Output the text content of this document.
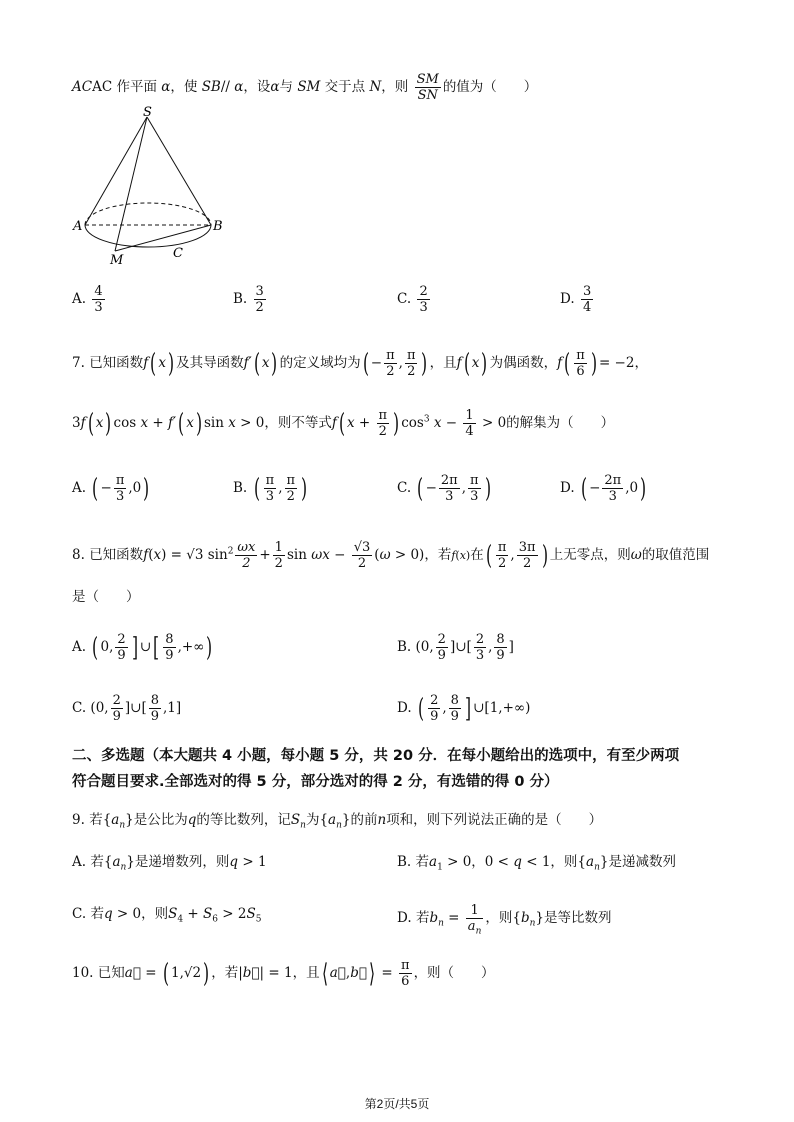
ACAC 作平面 α，使 SB// α，设α与 SM 交于点 N，则 $\frac{SM}{SN}$ 的值为（　　）
S
A	B
M	C
A. $\frac{4}{3}$	B. $\frac{3}{2}$	C. $\frac{2}{3}$	D. $\frac{3}{4}$
7. 已知函数f( x) 及其导函数f′( x) 的定义域均为( − $\frac{\pi}{2}$ , $\frac{\pi}{2}$ ) ，且f( x) 为偶函数，$f( \frac{\pi}{6}$ ) = −2，
3f( x) cos x + f′( x) sin x > 0，则不等式f( $x + \frac{\pi}{2}$ ) $\cos^3 x - \frac{1}{4} > 0$的解集为（　　）
A. ( − $\frac{\pi}{3} ,0$)	B. ( $\frac{\pi}{3}$ , $\frac{\pi}{2}$ )	C. ( − $\frac{2\pi}{3}$ , $\frac{\pi}{3}$ )	D. ( − $\frac{2\pi}{3} ,0$)
8. 已知函数f(x) = √3 $\sin^2 \frac{\omega x}{2} + \frac{1}{2}$ $\sin \omega x - \frac{√3}{2} (\omega > 0)$，若f(x)在( $\frac{\pi}{2}$ , $\frac{3\pi}{2}$ ) 上无零点，则ω的取值范围
是（　　）
A. ( 0, $\frac{2}{9}$ ] ∪[ $\frac{8}{9}$ ,+∞)	B. (0, $\frac{2}{9}$ ]∪[ $\frac{2}{3}$ , $\frac{8}{9}$ ]
C. (0, $\frac{2}{9}$ ]∪[ $\frac{8}{9} ,1$]	D. ( $\frac{2}{9}$ , $\frac{8}{9}$ ] ∪[1,+∞)
二、多选题（本大题共 4 小题，每小题 5 分，共 20 分．在每小题给出的选项中，有至少两项
符合题目要求.全部选对的得 5 分，部分选对的得 2 分，有选错的得 0 分）
9. 若$\{a_n\}$是公比为q的等比数列，记$S_n$为$\{a_n\}$的前n项和，则下列说法正确的是（　　）
A. 若$\{a_n\}$是递增数列，则q > 1	B. 若$a_1 > 0$，0 < q < 1，则$\{a_n\}$是递减数列
C. 若q > 0，则$S_4 + S_6 > 2S_5$	D. 若$b_n = \frac{1}{a_n}$ ，则$\{b_n\}$是等比数列
10. 已知a⃗ = ( 1,√2) ，若|b⃗| = 1，且⟨ a⃗,b⃗⟩ = $\frac{\pi}{6}$ ，则（　　）
第2页/共5页
